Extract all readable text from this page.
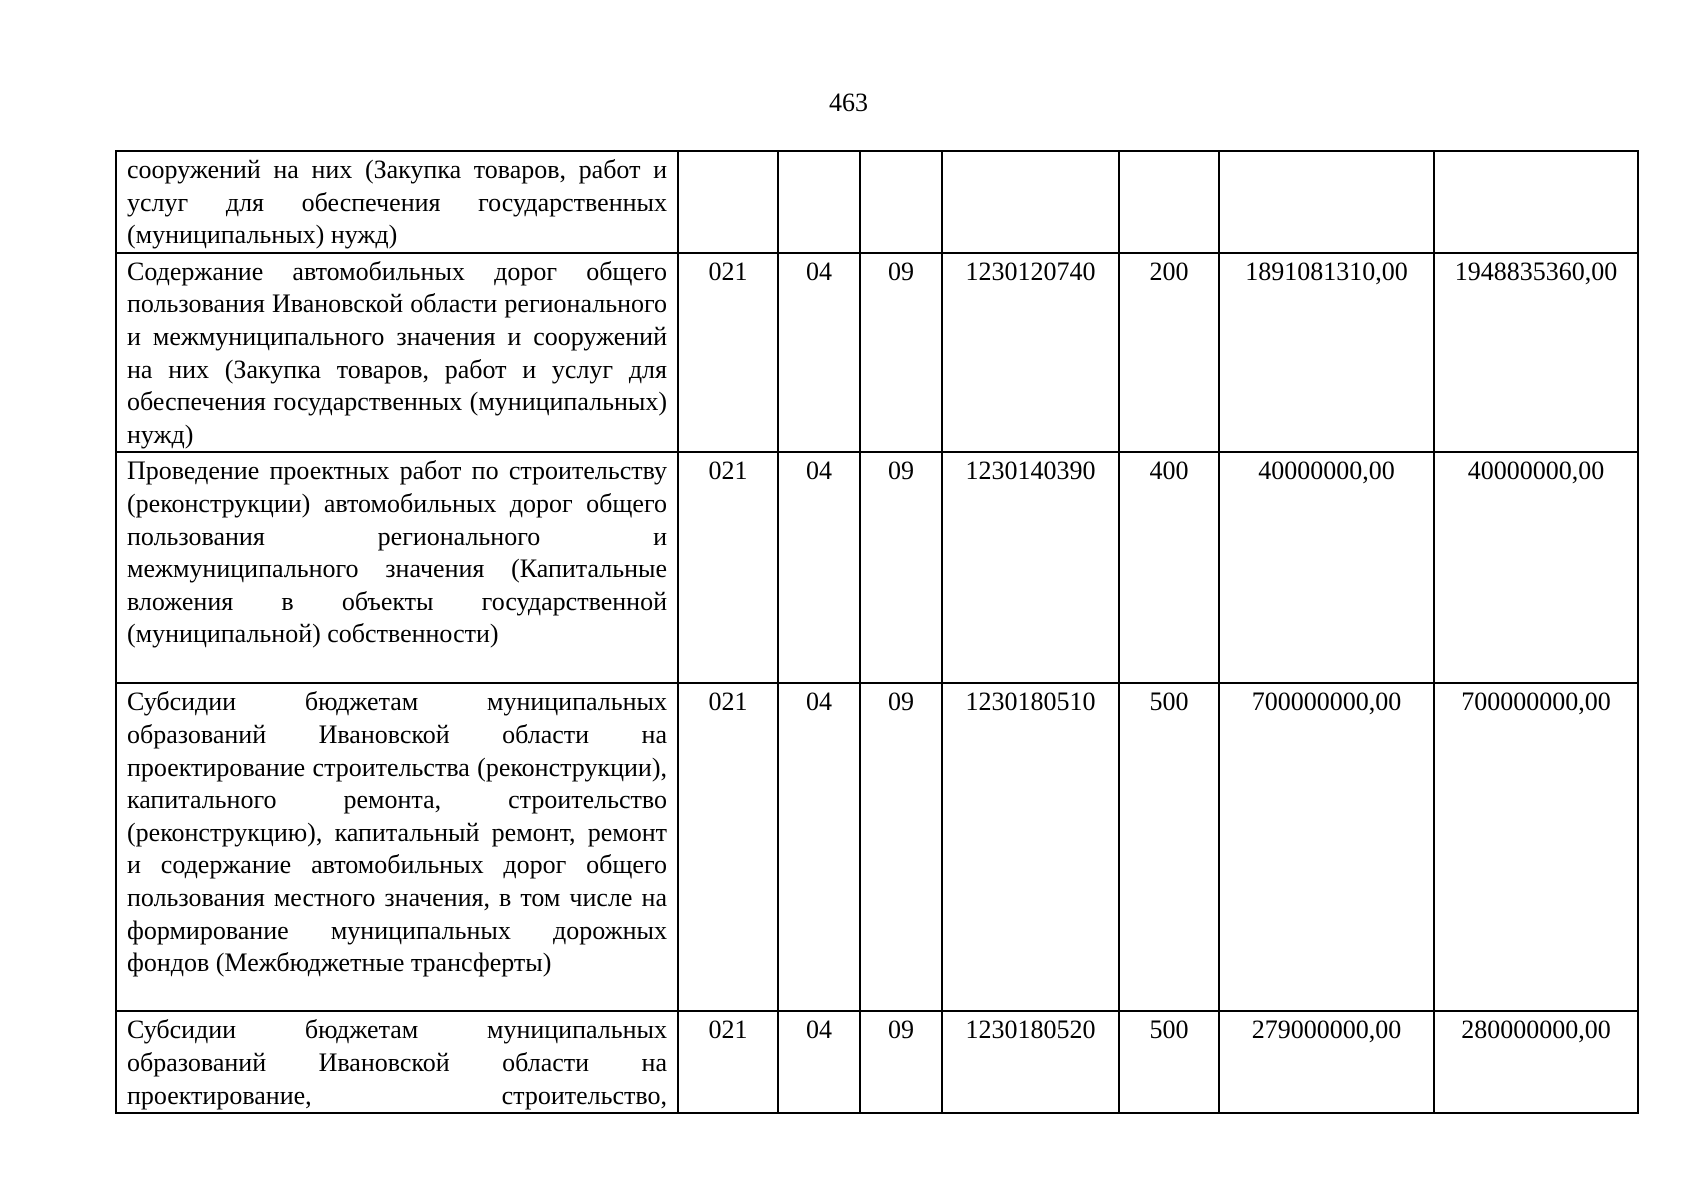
463
сооружений на них (Закупка товаров, работ и услуг для обеспечения государственных (муниципальных) нужд)							
Содержание автомобильных дорог общего пользования Ивановской области регионального и межмуниципального значения и сооружений на них (Закупка товаров, работ и услуг для обеспечения государственных (муниципальных) нужд)	021	04	09	1230120740	200	1891081310,00	1948835360,00
Проведение проектных работ по строительству (реконструкции) автомобильных дорог общего пользования регионального и межмуниципального значения (Капитальные вложения в объекты государственной (муниципальной) собственности)	021	04	09	1230140390	400	40000000,00	40000000,00
Субсидии бюджетам муниципальных образований Ивановской области на проектирование строительства (реконструкции), капитального ремонта, строительство (реконструкцию), капитальный ремонт, ремонт и содержание автомобильных дорог общего пользования местного значения, в том числе на формирование муниципальных дорожных фондов (Межбюджетные трансферты)	021	04	09	1230180510	500	700000000,00	700000000,00
Субсидии бюджетам муниципальных образований Ивановской области на проектирование, строительство,	021	04	09	1230180520	500	279000000,00	280000000,00
